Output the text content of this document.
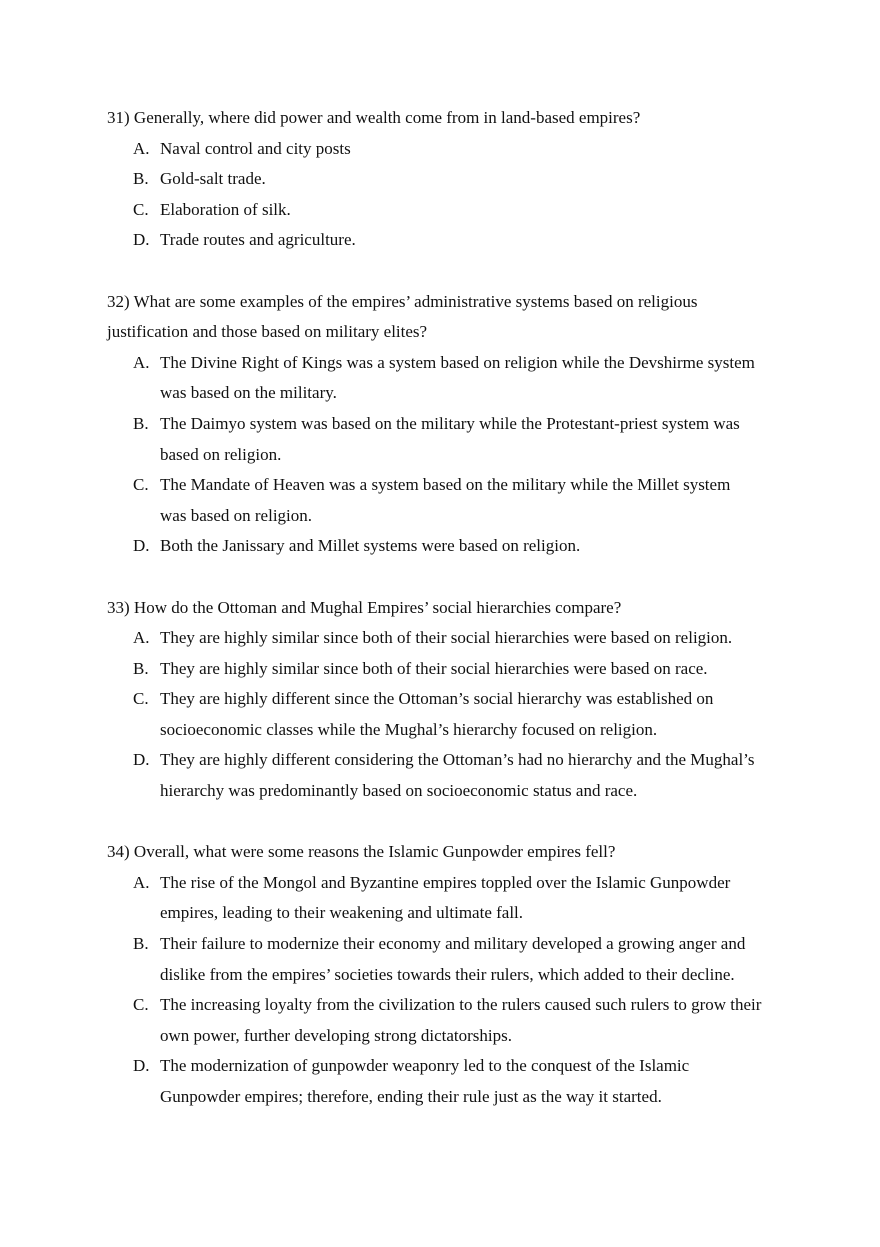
31) Generally, where did power and wealth come from in land-based empires?
A. Naval control and city posts
B. Gold-salt trade.
C. Elaboration of silk.
D. Trade routes and agriculture.
32) What are some examples of the empires’ administrative systems based on religious
justification and those based on military elites?
A. The Divine Right of Kings was a system based on religion while the Devshirme system
was based on the military.
B. The Daimyo system was based on the military while the Protestant-priest system was
based on religion.
C. The Mandate of Heaven was a system based on the military while the Millet system
was based on religion.
D. Both the Janissary and Millet systems were based on religion.
33) How do the Ottoman and Mughal Empires’ social hierarchies compare?
A. They are highly similar since both of their social hierarchies were based on religion.
B. They are highly similar since both of their social hierarchies were based on race.
C. They are highly different since the Ottoman’s social hierarchy was established on
socioeconomic classes while the Mughal’s hierarchy focused on religion.
D. They are highly different considering the Ottoman’s had no hierarchy and the Mughal’s
hierarchy was predominantly based on socioeconomic status and race.
34) Overall, what were some reasons the Islamic Gunpowder empires fell?
A. The rise of the Mongol and Byzantine empires toppled over the Islamic Gunpowder
empires, leading to their weakening and ultimate fall.
B. Their failure to modernize their economy and military developed a growing anger and
dislike from the empires’ societies towards their rulers, which added to their decline.
C. The increasing loyalty from the civilization to the rulers caused such rulers to grow their
own power, further developing strong dictatorships.
D. The modernization of gunpowder weaponry led to the conquest of the Islamic
Gunpowder empires; therefore, ending their rule just as the way it started.
